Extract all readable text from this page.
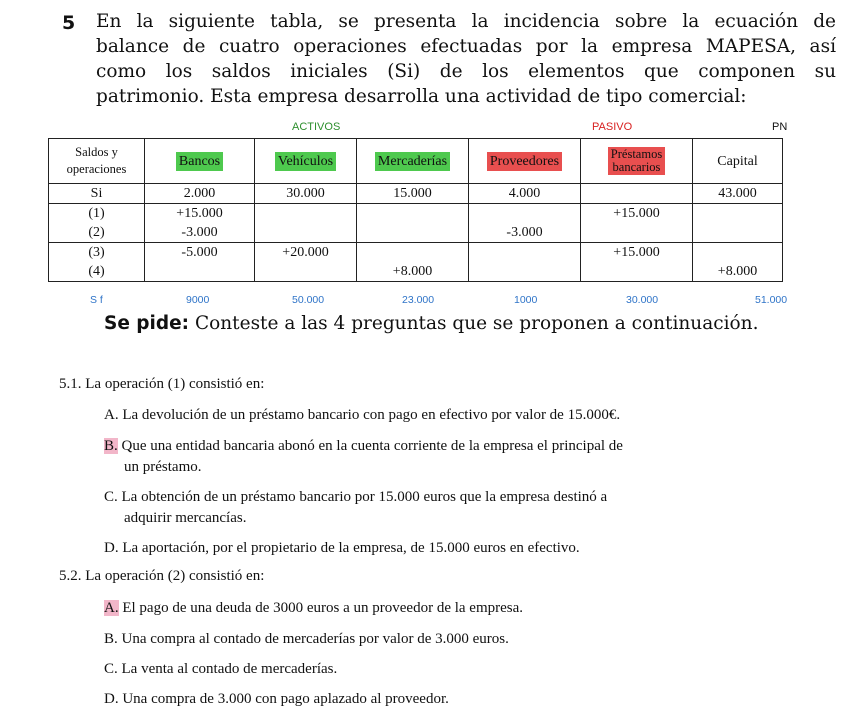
5 En la siguiente tabla, se presenta la incidencia sobre la ecuación de
balance de cuatro operaciones efectuadas por la empresa MAPESA, así
como los saldos iniciales (Si) de los elementos que componen su
patrimonio. Esta empresa desarrolla una actividad de tipo comercial:
ACTIVOS	PASIVO	PN
Saldos y
operaciones	Bancos	Vehículos	Mercaderías	Proveedores	Préstamos
bancarios	Capital
Si	2.000	30.000	15.000	4.000		43.000
(1)	+15.000				+15.000	
(2)	-3.000			-3.000		
(3)	-5.000	+20.000			+15.000	
(4)			+8.000			+8.000
S f	9000	50.000	23.000	1000	30.000	51.000
Se pide: Conteste a las 4 preguntas que se proponen a continuación.
5.1. La operación (1) consistió en:
A. La devolución de un préstamo bancario con pago en efectivo por valor de 15.000€.
B. Que una entidad bancaria abonó en la cuenta corriente de la empresa el principal de
un préstamo.
C. La obtención de un préstamo bancario por 15.000 euros que la empresa destinó a
adquirir mercancías.
D. La aportación, por el propietario de la empresa, de 15.000 euros en efectivo.
5.2. La operación (2) consistió en:
A. El pago de una deuda de 3000 euros a un proveedor de la empresa.
B. Una compra al contado de mercaderías por valor de 3.000 euros.
C. La venta al contado de mercaderías.
D. Una compra de 3.000 con pago aplazado al proveedor.
